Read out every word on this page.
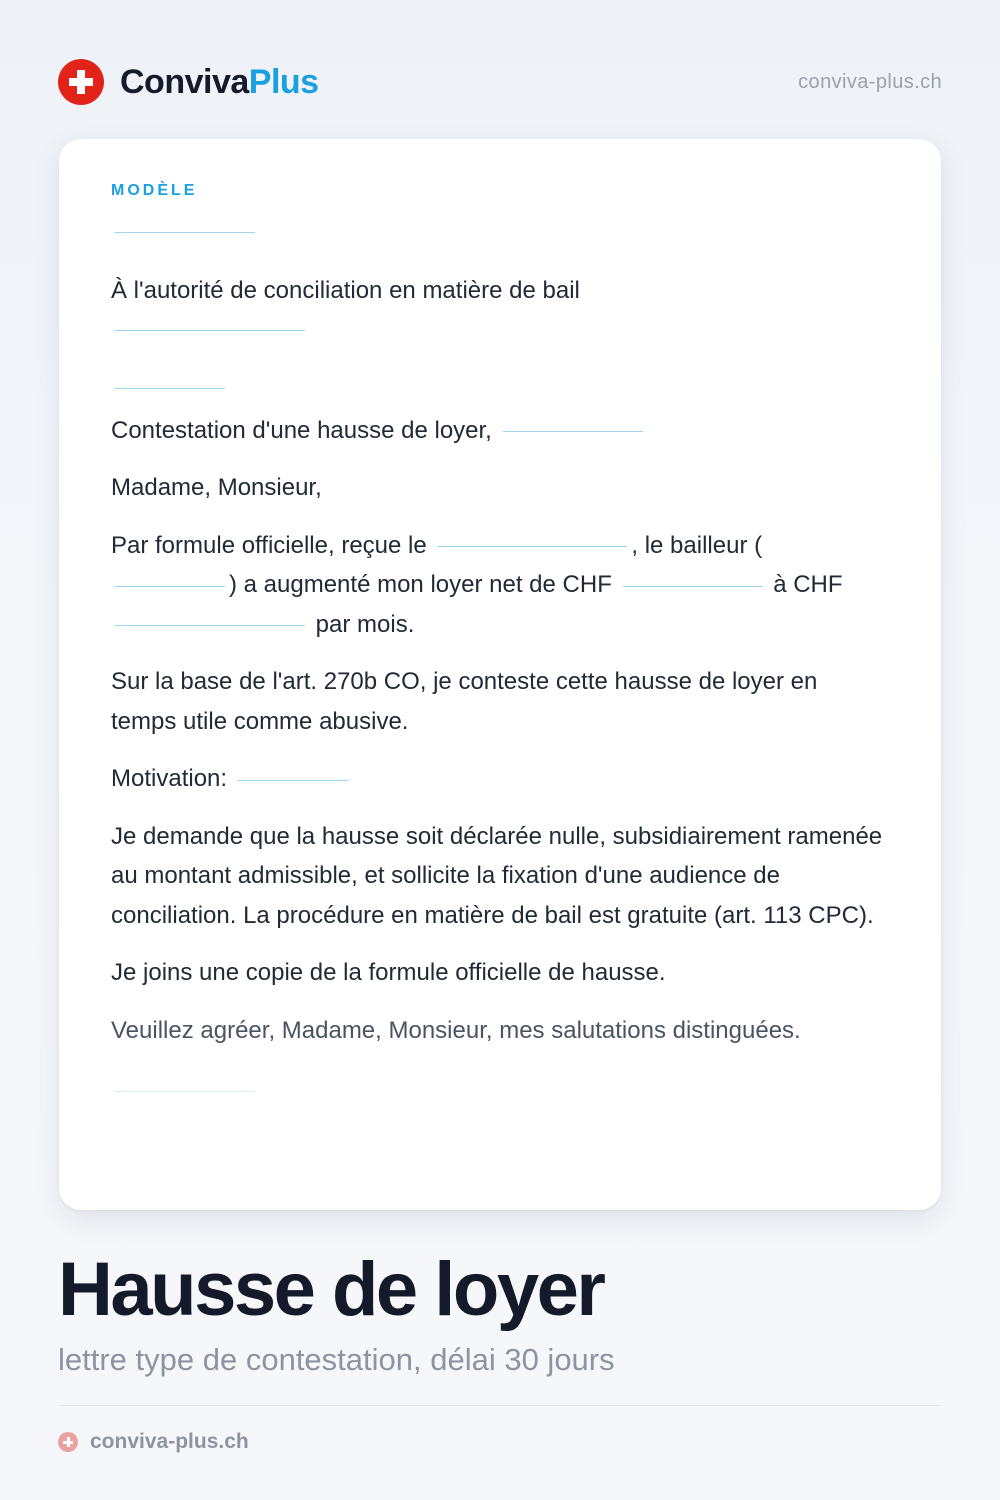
ConvivaPlus	conviva-plus.ch
MODÈLE

À l'autorité de conciliation en matière de bail

Contestation d'une hausse de loyer,

Madame, Monsieur,

Par formule officielle, reçue le	, le bailleur (
) a augmenté mon loyer net de CHF	à CHF
par mois.

Sur la base de l'art. 270b CO, je conteste cette hausse de loyer en temps utile comme abusive.

Motivation:

Je demande que la hausse soit déclarée nulle, subsidiairement ramenée au montant admissible, et sollicite la fixation d'une audience de conciliation. La procédure en matière de bail est gratuite (art. 113 CPC).

Je joins une copie de la formule officielle de hausse.

Veuillez agréer, Madame, Monsieur, mes salutations distinguées.

Hausse de loyer
lettre type de contestation, délai 30 jours
conviva-plus.ch
